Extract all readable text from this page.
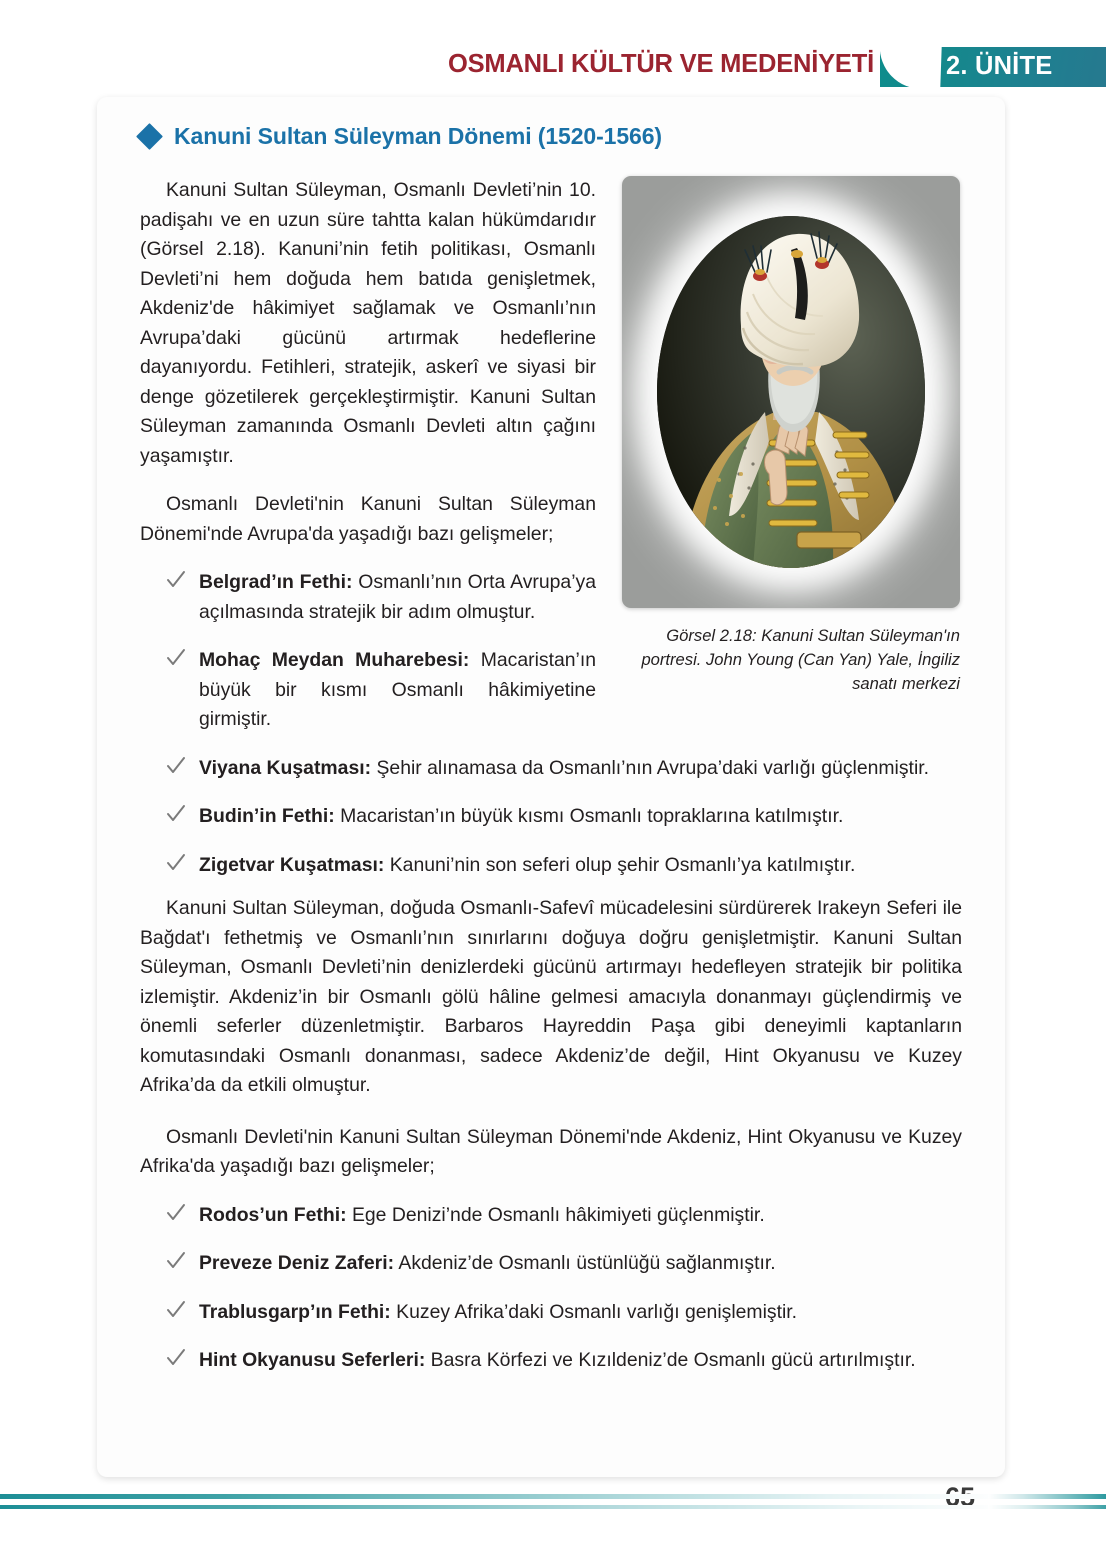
OSMANLI KÜLTÜR VE MEDENİYETİ	2. ÜNİTE
Kanuni Sultan Süleyman Dönemi (1520-1566)
Görsel 2.18: Kanuni Sultan Süleyman'ın portresi. John Young (Can Yan) Yale, İngiliz sanatı merkezi

Kanuni Sultan Süleyman, Osmanlı Devleti’nin 10. padişahı ve en uzun süre tahtta kalan hükümdarıdır (Görsel 2.18). Kanuni’nin fetih politikası, Osmanlı Devleti’ni hem doğuda hem batıda genişletmek, Akdeniz'de hâkimiyet sağlamak ve Osmanlı’nın Avrupa’daki gücünü artırmak hedeflerine dayanıyordu. Fetihleri, stratejik, askerî ve siyasi bir denge gözetilerek gerçekleştirmiştir. Kanuni Sultan Süleyman zamanında Osmanlı Devleti altın çağını yaşamıştır.

Osmanlı Devleti'nin Kanuni Sultan Süleyman Dönemi'nde Avrupa'da yaşadığı bazı gelişmeler;

Belgrad’ın Fethi: Osmanlı’nın Orta Avrupa’ya açılmasında stratejik bir adım olmuştur.
Mohaç Meydan Muharebesi: Macaristan’ın büyük bir kısmı Osmanlı hâkimiyetine girmiştir.
Viyana Kuşatması: Şehir alınamasa da Osmanlı’nın Avrupa’daki varlığı güçlenmiştir.
Budin’in Fethi: Macaristan’ın büyük kısmı Osmanlı topraklarına katılmıştır.
Zigetvar Kuşatması: Kanuni’nin son seferi olup şehir Osmanlı’ya katılmıştır.

Kanuni Sultan Süleyman, doğuda Osmanlı-Safevî mücadelesini sürdürerek Irakeyn Seferi ile Bağdat'ı fethetmiş ve Osmanlı’nın sınırlarını doğuya doğru genişletmiştir. Kanuni Sultan Süleyman, Osmanlı Devleti’nin denizlerdeki gücünü artırmayı hedefleyen stratejik bir politika izlemiştir. Akdeniz’in bir Osmanlı gölü hâline gelmesi amacıyla donanmayı güçlendirmiş ve önemli seferler düzenletmiştir. Barbaros Hayreddin Paşa gibi deneyimli kaptanların komutasındaki Osmanlı donanması, sadece Akdeniz’de değil, Hint Okyanusu ve Kuzey Afrika’da da etkili olmuştur.

Osmanlı Devleti'nin Kanuni Sultan Süleyman Dönemi'nde Akdeniz, Hint Okyanusu ve Kuzey Afrika'da yaşadığı bazı gelişmeler;

Rodos’un Fethi: Ege Denizi’nde Osmanlı hâkimiyeti güçlenmiştir.
Preveze Deniz Zaferi: Akdeniz’de Osmanlı üstünlüğü sağlanmıştır.
Trablusgarp’ın Fethi: Kuzey Afrika’daki Osmanlı varlığı genişlemiştir.
Hint Okyanusu Seferleri: Basra Körfezi ve Kızıldeniz’de Osmanlı gücü artırılmıştır.
